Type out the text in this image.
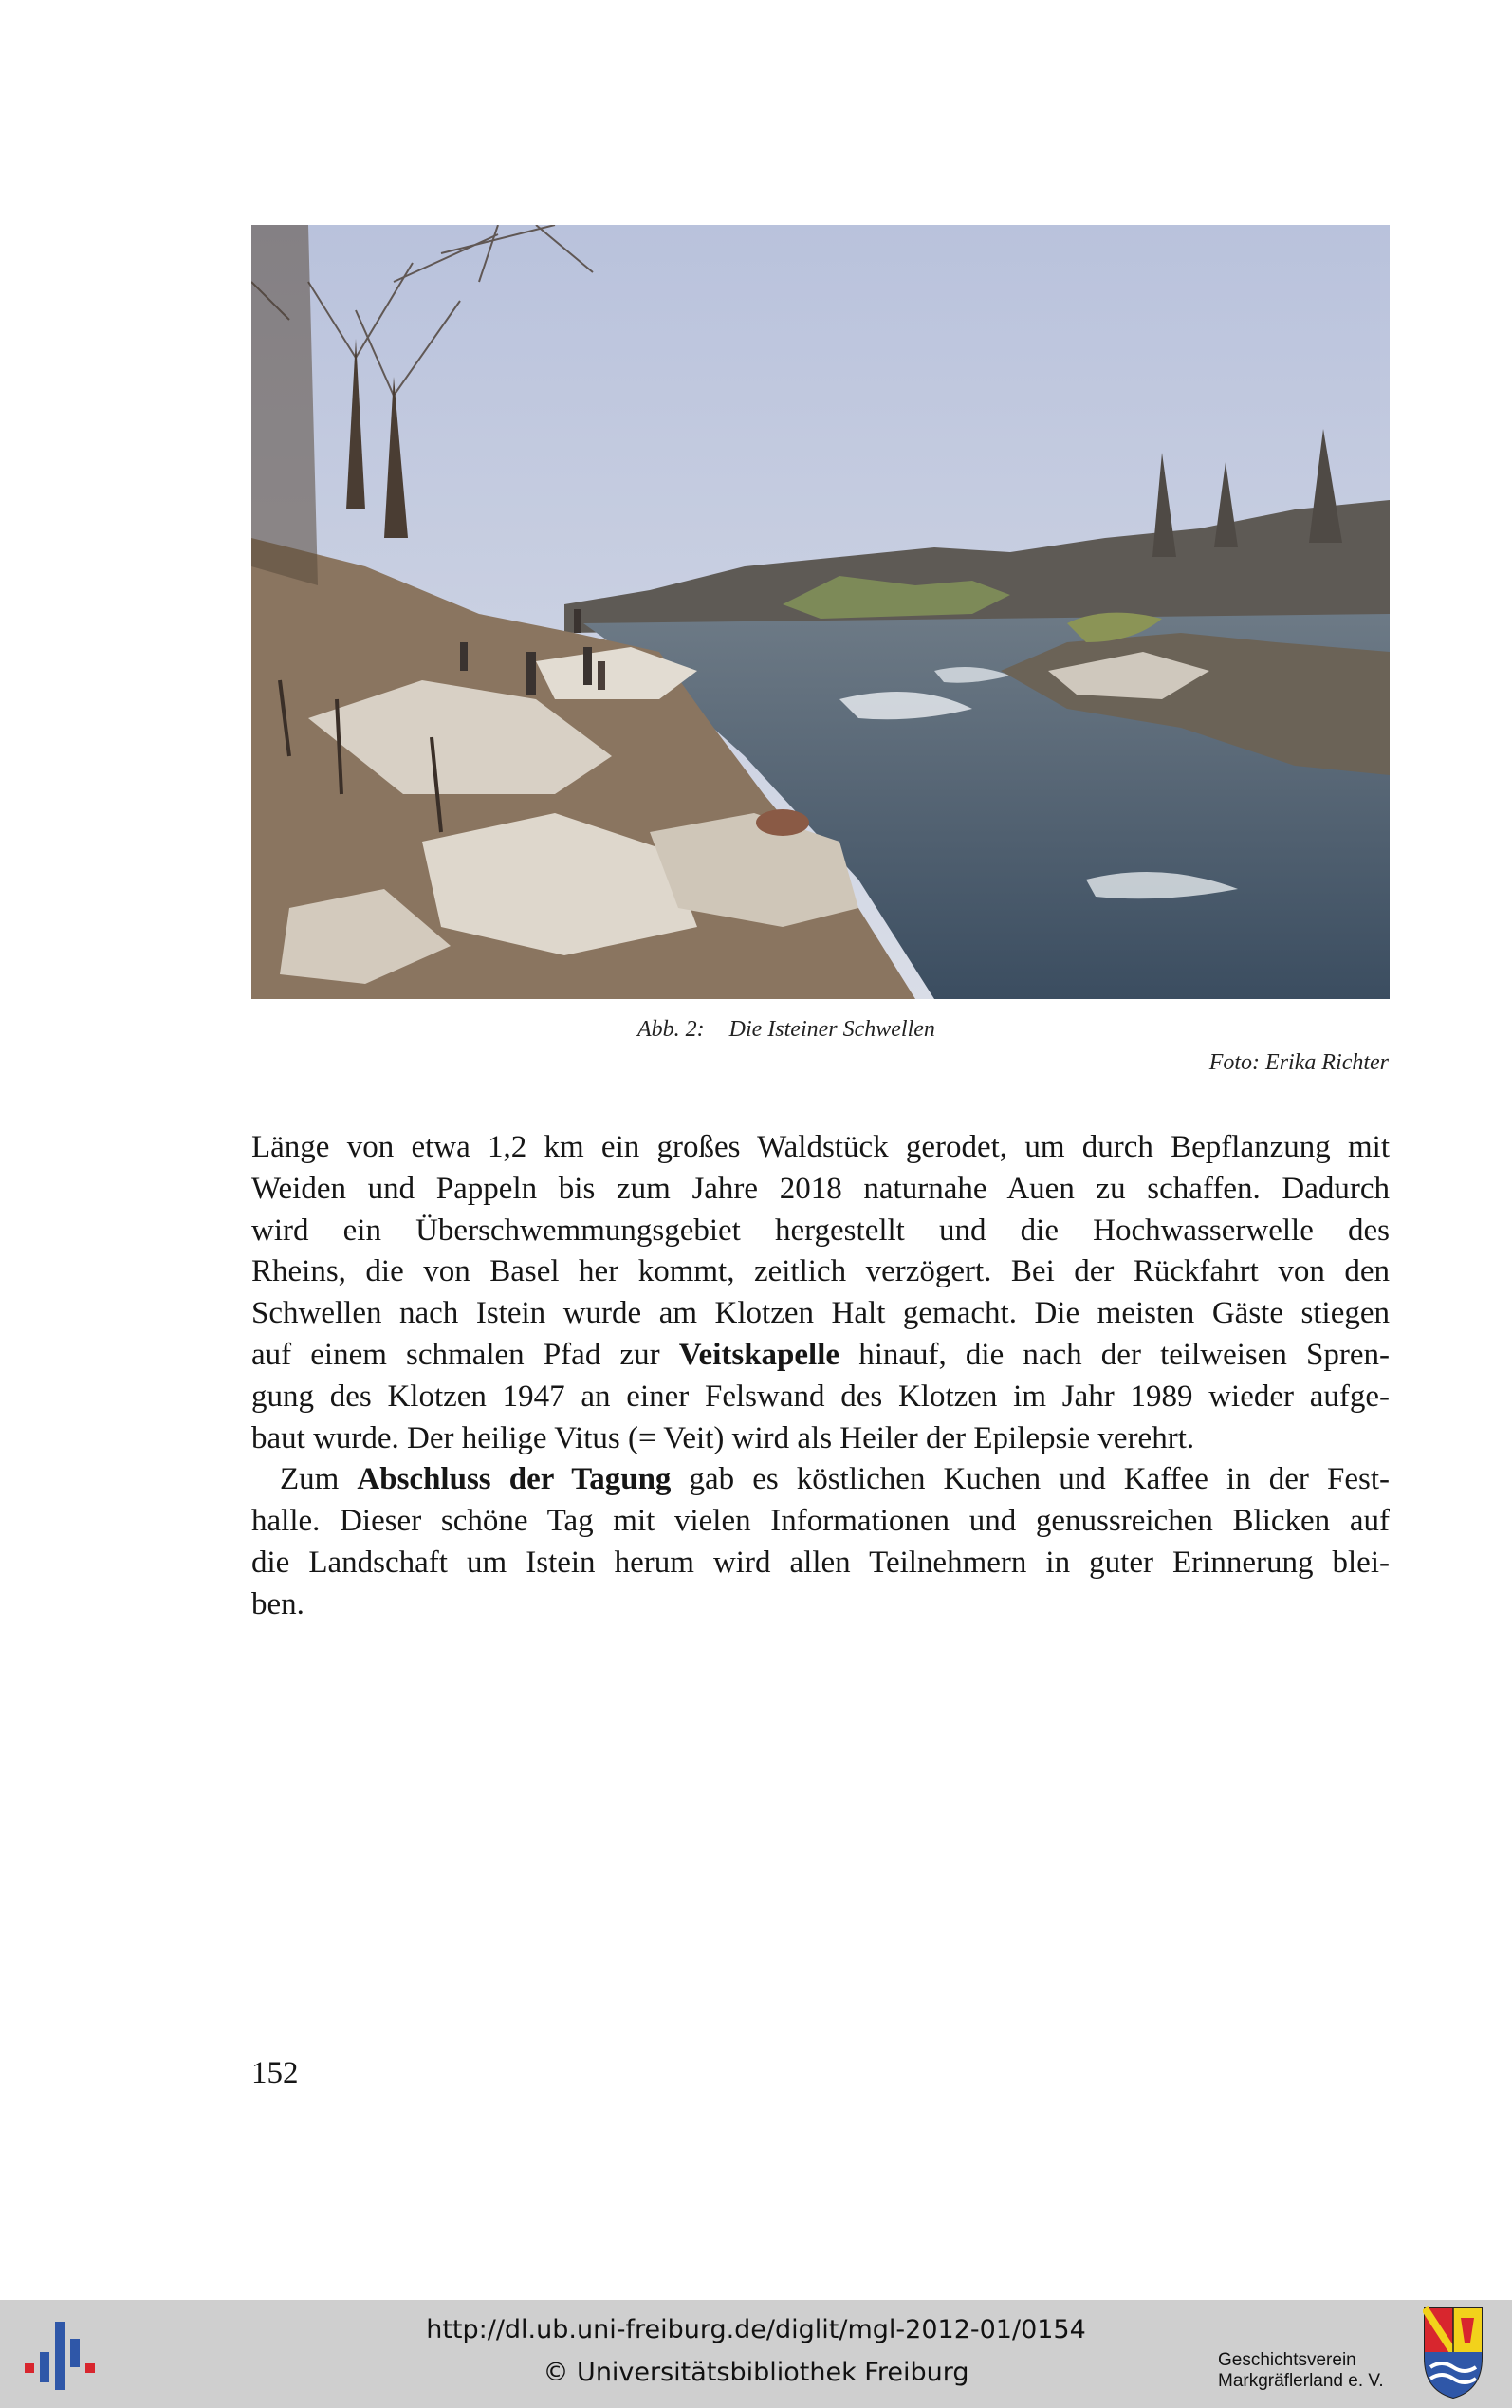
Abb. 2: Die Isteiner Schwellen
Foto: Erika Richter

Länge von etwa 1,2 km ein großes Waldstück gerodet, um durch Bepflanzung mit

Weiden und Pappeln bis zum Jahre 2018 naturnahe Auen zu schaffen. Dadurch

wird ein Überschwemmungsgebiet hergestellt und die Hochwasserwelle des

Rheins, die von Basel her kommt, zeitlich verzögert. Bei der Rückfahrt von den

Schwellen nach Istein wurde am Klotzen Halt gemacht. Die meisten Gäste stiegen

auf einem schmalen Pfad zur Veitskapelle hinauf, die nach der teilweisen Spren-

gung des Klotzen 1947 an einer Felswand des Klotzen im Jahr 1989 wieder aufge-

baut wurde. Der heilige Vitus (= Veit) wird als Heiler der Epilepsie verehrt.

Zum Abschluss der Tagung gab es köstlichen Kuchen und Kaffee in der Fest-

halle. Dieser schöne Tag mit vielen Informationen und genussreichen Blicken auf

die Landschaft um Istein herum wird allen Teilnehmern in guter Erinnerung blei-

ben.

152
http://dl.ub.uni-freiburg.de/diglit/mgl-2012-01/0154
© Universitätsbibliothek Freiburg	Geschichtsverein
Markgräflerland e. V.
